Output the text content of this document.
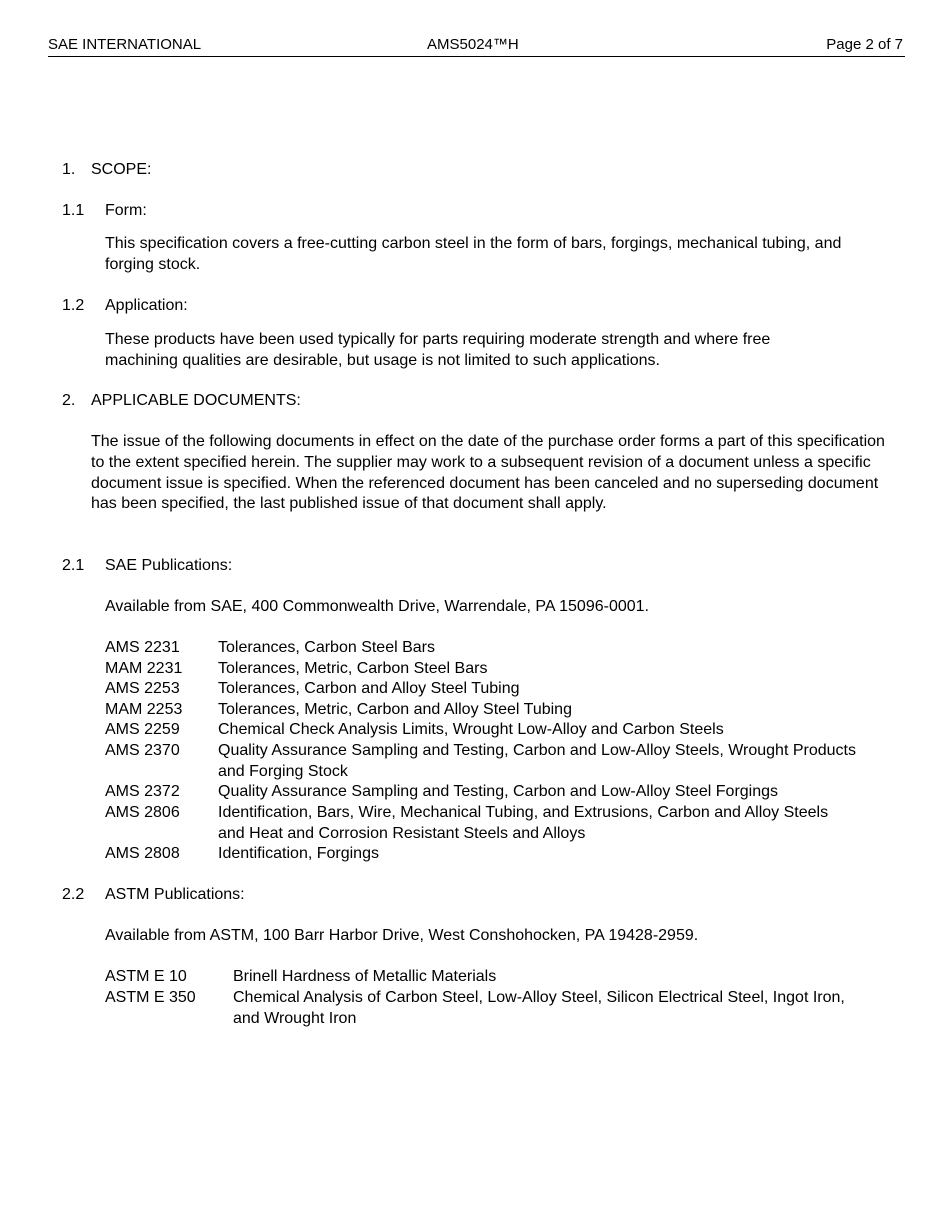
SAE INTERNATIONAL	AMS5024™H	Page 2 of 7
1. SCOPE:
1.1 Form:
This specification covers a free-cutting carbon steel in the form of bars, forgings, mechanical tubing, and forging stock.
1.2 Application:
These products have been used typically for parts requiring moderate strength and where free machining qualities are desirable, but usage is not limited to such applications.
2. APPLICABLE DOCUMENTS:
The issue of the following documents in effect on the date of the purchase order forms a part of this specification to the extent specified herein. The supplier may work to a subsequent revision of a document unless a specific document issue is specified. When the referenced document has been canceled and no superseding document has been specified, the last published issue of that document shall apply.
2.1 SAE Publications:
Available from SAE, 400 Commonwealth Drive, Warrendale, PA 15096-0001.
AMS 2231 Tolerances, Carbon Steel Bars
MAM 2231 Tolerances, Metric, Carbon Steel Bars
AMS 2253 Tolerances, Carbon and Alloy Steel Tubing
MAM 2253 Tolerances, Metric, Carbon and Alloy Steel Tubing
AMS 2259 Chemical Check Analysis Limits, Wrought Low-Alloy and Carbon Steels
AMS 2370 Quality Assurance Sampling and Testing, Carbon and Low-Alloy Steels, Wrought Products and Forging Stock
AMS 2372 Quality Assurance Sampling and Testing, Carbon and Low-Alloy Steel Forgings
AMS 2806 Identification, Bars, Wire, Mechanical Tubing, and Extrusions, Carbon and Alloy Steels and Heat and Corrosion Resistant Steels and Alloys
AMS 2808 Identification, Forgings
2.2 ASTM Publications:
Available from ASTM, 100 Barr Harbor Drive, West Conshohocken, PA 19428-2959.
ASTM E 10	Brinell Hardness of Metallic Materials
ASTM E 350 Chemical Analysis of Carbon Steel, Low-Alloy Steel, Silicon Electrical Steel, Ingot Iron, and Wrought Iron
